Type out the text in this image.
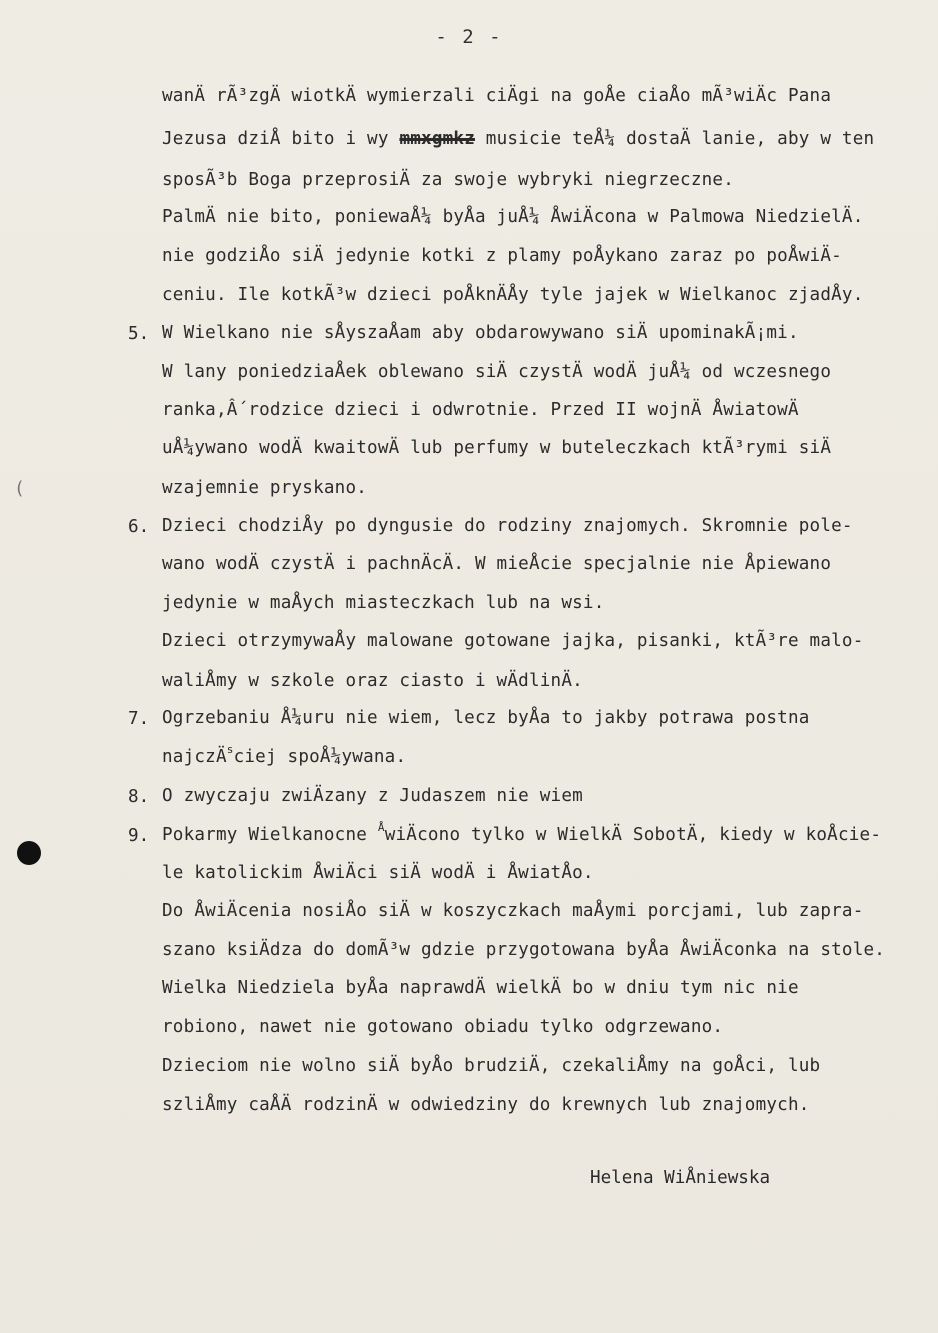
- 2 -
wanÄ rÃ³zgÄ wiotkÄ wymierzali ciÄgi na goÅe ciaÅo mÃ³wiÄc Pana
Jezusa dziÅ bito i wy mmxgmkz musicie teÅ¼ dostaÄ lanie, aby w ten
sposÃ³b Boga przeprosiÄ za swoje wybryki niegrzeczne.
PalmÄ nie bito, poniewaÅ¼ byÅa juÅ¼ ÅwiÄcona w Palmowa NiedzielÄ.
nie godziÅo siÄ jedynie kotki z plamy poÅykano zaraz po poÅwiÄ-
ceniu. Ile kotkÃ³w dzieci poÅknÄÅy tyle jajek w Wielkanoc zjadÅy.
5. W Wielkano nie sÅyszaÅam aby obdarowywano siÄ upominakÃ¡mi.
W lany poniedziaÅek oblewano siÄ czystÄ wodÄ juÅ¼ od wczesnego
ranka,Â´rodzice dzieci i odwrotnie. Przed II wojnÄ ÅwiatowÄ
uÅ¼ywano wodÄ kwaitowÄ lub perfumy w buteleczkach ktÃ³rymi siÄ
wzajemnie pryskano.
6. Dzieci chodziÅy po dyngusie do rodziny znajomych. Skromnie pole-
wano wodÄ czystÄ i pachnÄcÄ. W mieÅcie specjalnie nie Åpiewano
jedynie w maÅych miasteczkach lub na wsi.
Dzieci otrzymywaÅy malowane gotowane jajka, pisanki, ktÃ³re malo-
waliÅmy w szkole oraz ciasto i wÄdlinÄ.
7. Ogrzebaniu Å¼uru nie wiem, lecz byÅa to jakby potrawa postna
najczÄ$^s$ciej spoÅ¼ywana.
8. O zwyczaju zwiÄzany z Judaszem nie wiem
9. Pokarmy Wielkanocne $^Å$wiÄcono tylko w WielkÄ SobotÄ, kiedy w koÅcie-
le katolickim ÅwiÄci siÄ wodÄ i ÅwiatÅo.
Do ÅwiÄcenia nosiÅo siÄ w koszyczkach maÅymi porcjami, lub zapra-
szano ksiÄdza do domÃ³w gdzie przygotowana byÅa ÅwiÄconka na stole.
Wielka Niedziela byÅa naprawdÄ wielkÄ bo w dniu tym nic nie
robiono, nawet nie gotowano obiadu tylko odgrzewano.
Dzieciom nie wolno siÄ byÅo brudziÄ, czekaliÅmy na goÅci, lub
szliÅmy caÅÄ rodzinÄ w odwiedziny do krewnych lub znajomych.
Helena WiÅniewska
(
